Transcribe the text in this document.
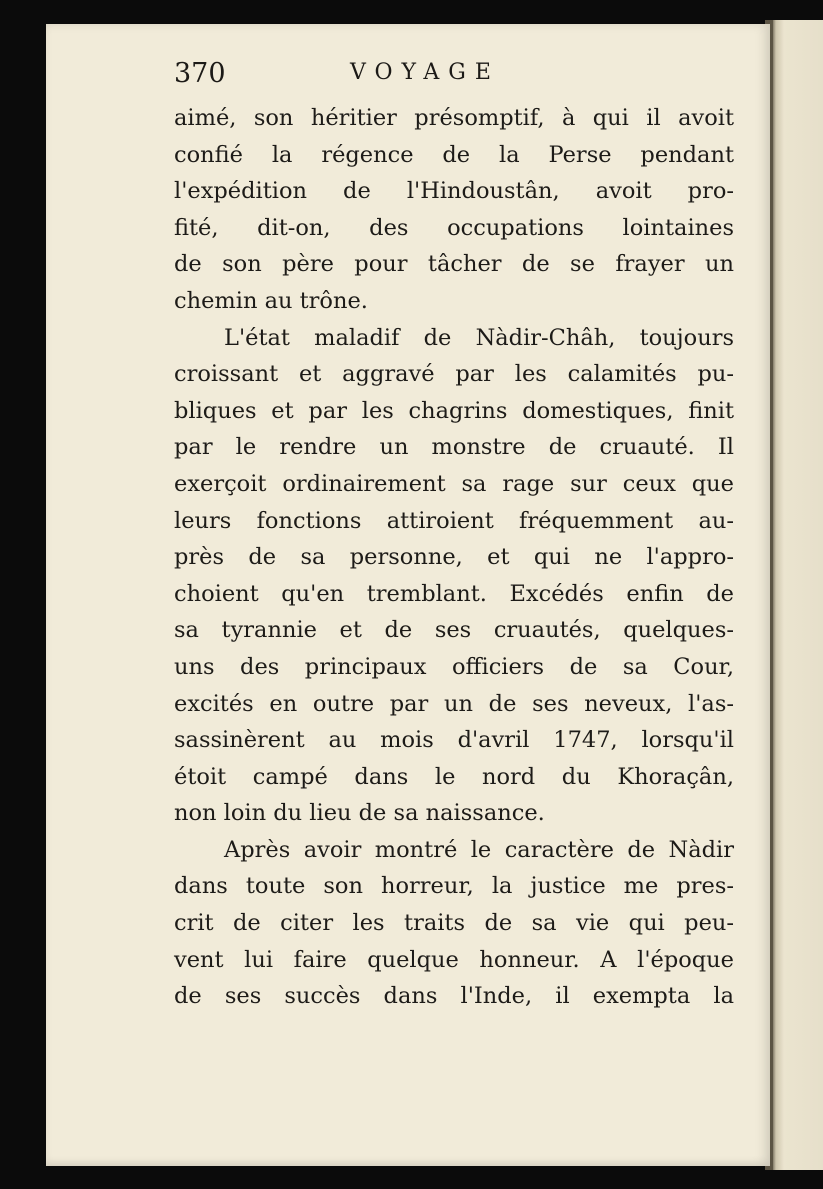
370	VOYAGE
aimé, son héritier présomptif, à qui il avoit
confié la régence de la Perse pendant
l'expédition de l'Hindoustân, avoit pro-
fité, dit-on, des occupations lointaines
de son père pour tâcher de se frayer un
chemin au trône.
L'état maladif de Nàdir-Châh, toujours
croissant et aggravé par les calamités pu-
bliques et par les chagrins domestiques, finit
par le rendre un monstre de cruauté. Il
exerçoit ordinairement sa rage sur ceux que
leurs fonctions attiroient fréquemment au-
près de sa personne, et qui ne l'appro-
choient qu'en tremblant. Excédés enfin de
sa tyrannie et de ses cruautés, quelques-
uns des principaux officiers de sa Cour,
excités en outre par un de ses neveux, l'as-
sassinèrent au mois d'avril 1747, lorsqu'il
étoit campé dans le nord du Khoraçân,
non loin du lieu de sa naissance.
Après avoir montré le caractère de Nàdir
dans toute son horreur, la justice me pres-
crit de citer les traits de sa vie qui peu-
vent lui faire quelque honneur. A l'époque
de ses succès dans l'Inde, il exempta la
